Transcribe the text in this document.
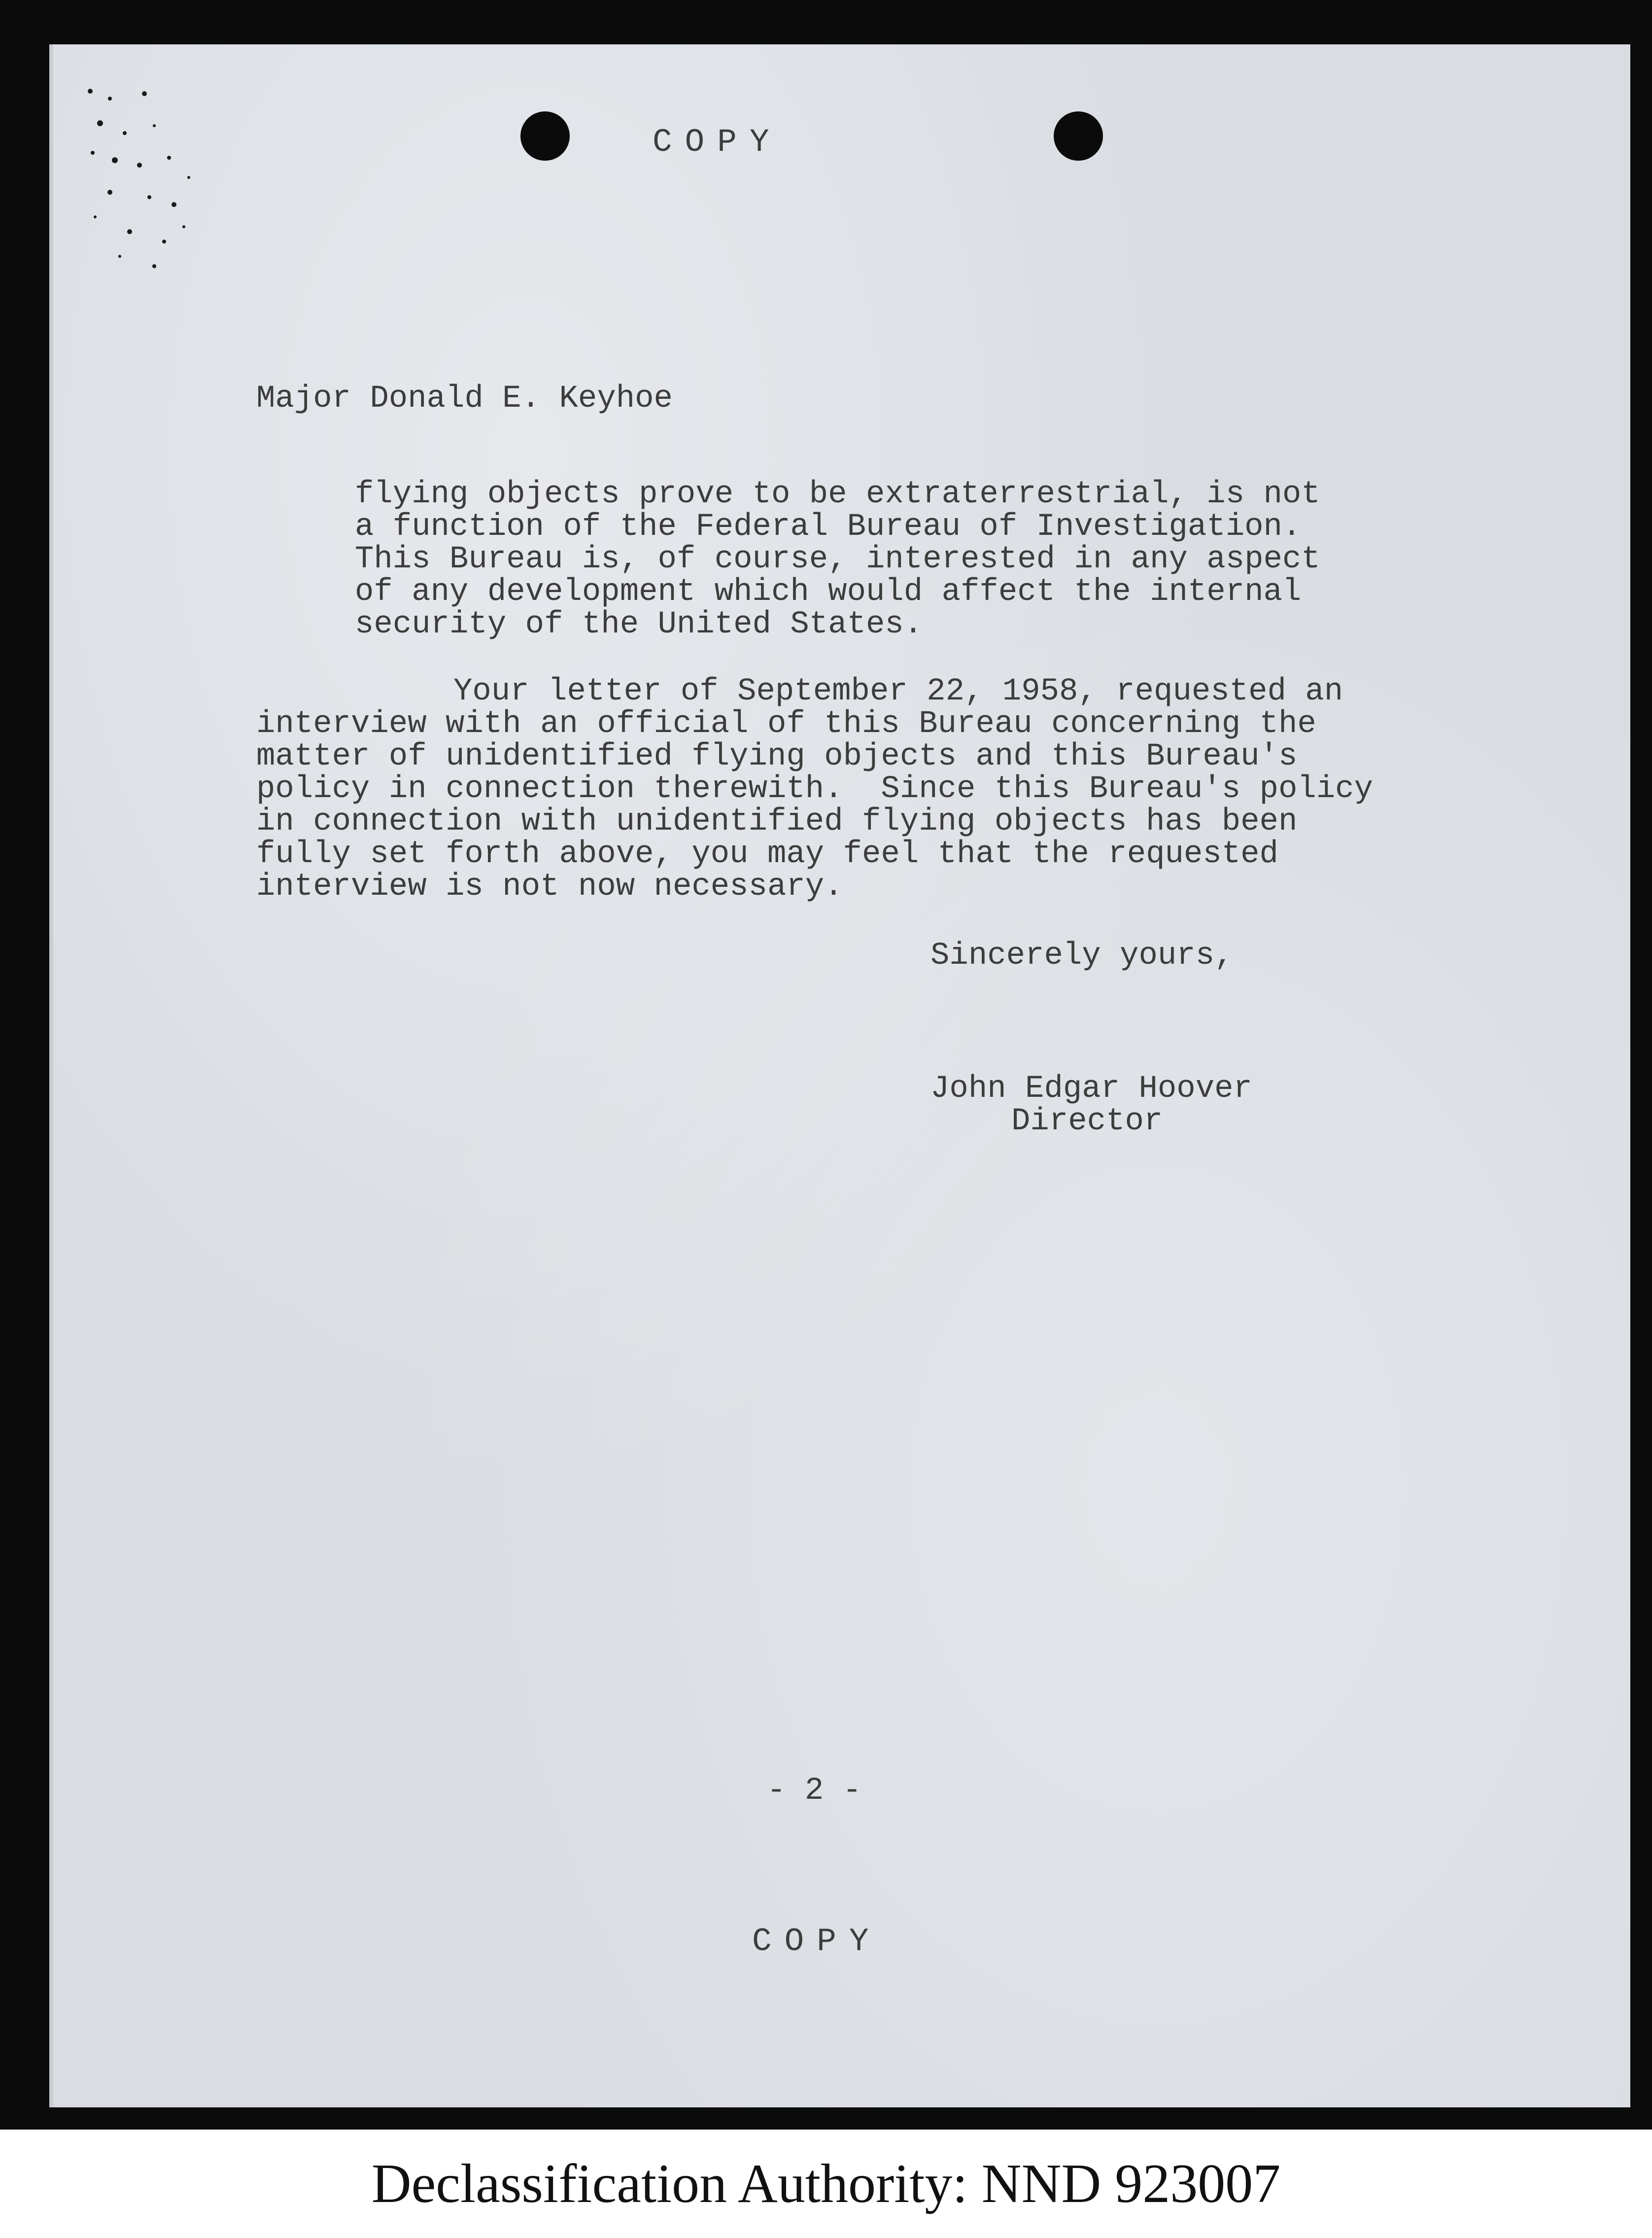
COPY
Major Donald E. Keyhoe
flying objects prove to be extraterrestrial, is not
a function of the Federal Bureau of Investigation.
This Bureau is, of course, interested in any aspect
of any development which would affect the internal
security of the United States.
Your letter of September 22, 1958, requested an
interview with an official of this Bureau concerning the
matter of unidentified flying objects and this Bureau's
policy in connection therewith.  Since this Bureau's policy
in connection with unidentified flying objects has been
fully set forth above, you may feel that the requested
interview is not now necessary.
Sincerely yours,
John Edgar Hoover
Director
- 2 -
COPY
Declassification Authority: NND 923007
